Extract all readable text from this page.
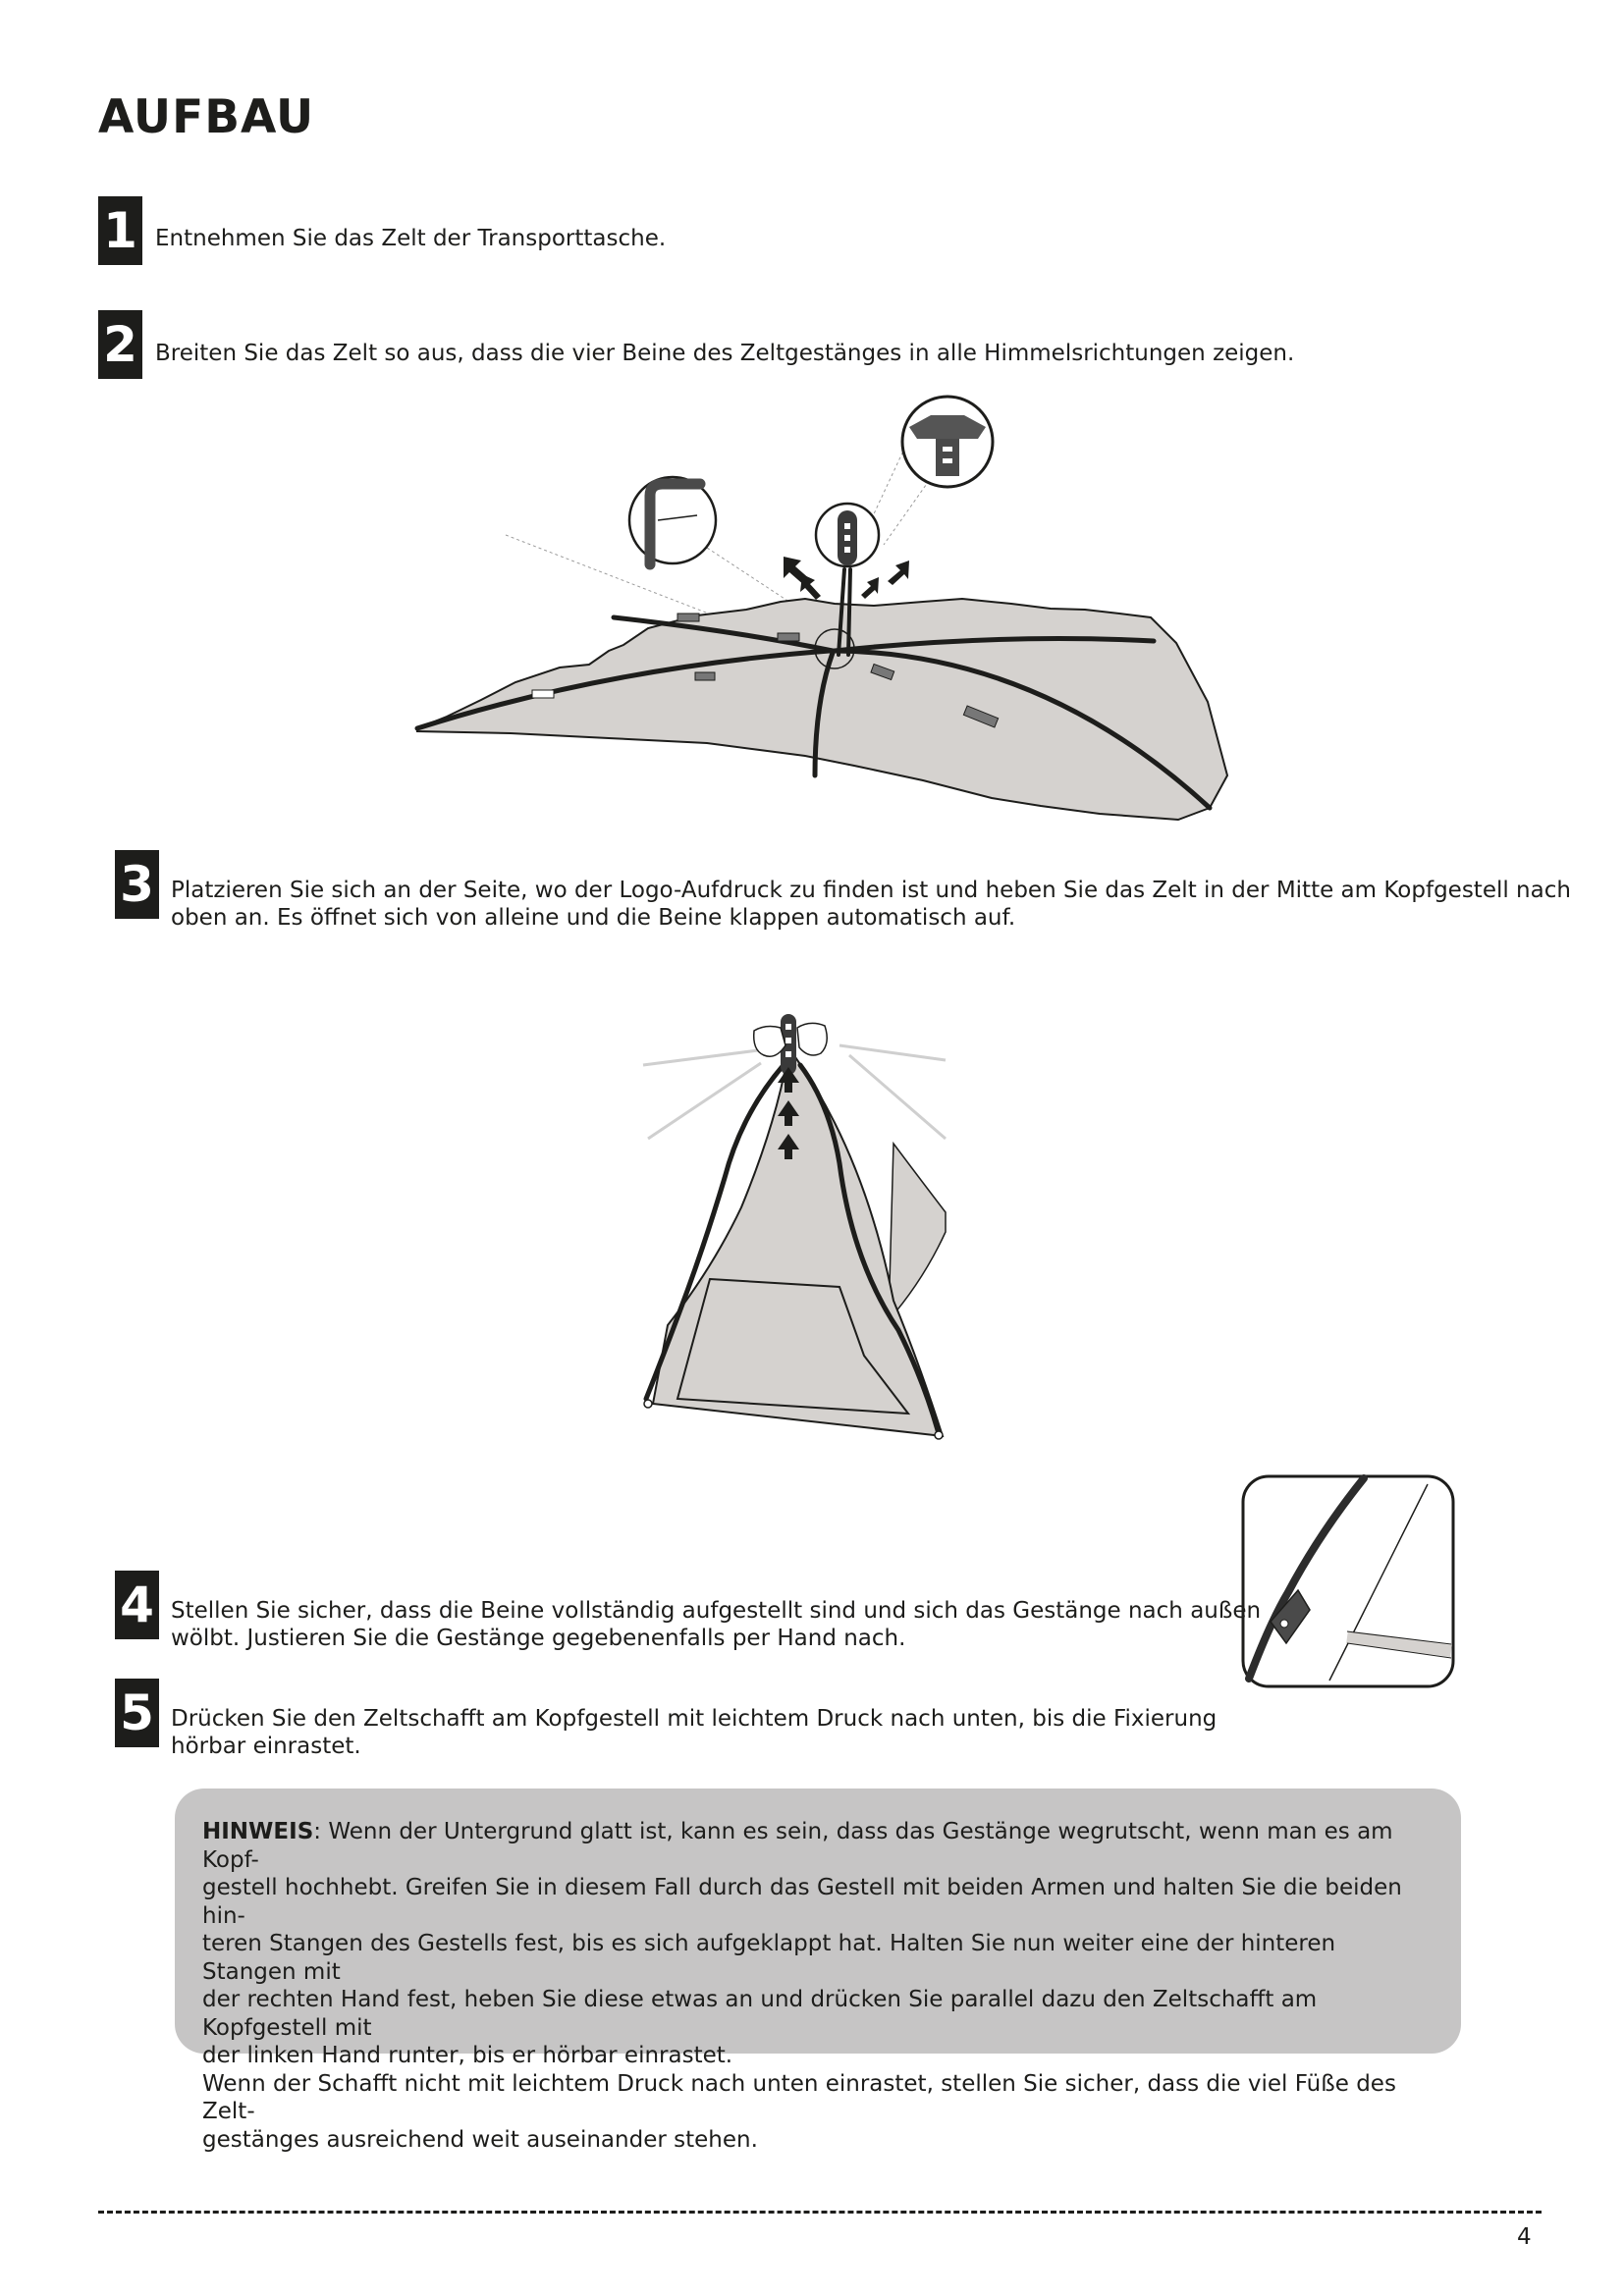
AUFBAU
1 Entnehmen Sie das Zelt der Transporttasche.

2 Breiten Sie das Zelt so aus, dass die vier Beine des Zeltgestänges in alle Himmelsrichtungen zeigen.

3 Platzieren Sie sich an der Seite, wo der Logo-Aufdruck zu finden ist und heben Sie das Zelt in der Mitte am Kopfgestell nach

oben an. Es öffnet sich von alleine und die Beine klappen automatisch auf.

4 Stellen Sie sicher, dass die Beine vollständig aufgestellt sind und sich das Gestänge nach außen

wölbt. Justieren Sie die Gestänge gegebenenfalls per Hand nach.

5 Drücken Sie den Zeltschafft am Kopfgestell mit leichtem Druck nach unten, bis die Fixierung

hörbar einrastet.

HINWEIS: Wenn der Untergrund glatt ist, kann es sein, dass das Gestänge wegrutscht, wenn man es am Kopf-

gestell hochhebt. Greifen Sie in diesem Fall durch das Gestell mit beiden Armen und halten Sie die beiden hin-

teren Stangen des Gestells fest, bis es sich aufgeklappt hat. Halten Sie nun weiter eine der hinteren Stangen mit

der rechten Hand fest, heben Sie diese etwas an und drücken Sie parallel dazu den Zeltschafft am Kopfgestell mit

der linken Hand runter, bis er hörbar einrastet.

Wenn der Schafft nicht mit leichtem Druck nach unten einrastet, stellen Sie sicher, dass die viel Füße des Zelt-

gestänges ausreichend weit auseinander stehen.

4
